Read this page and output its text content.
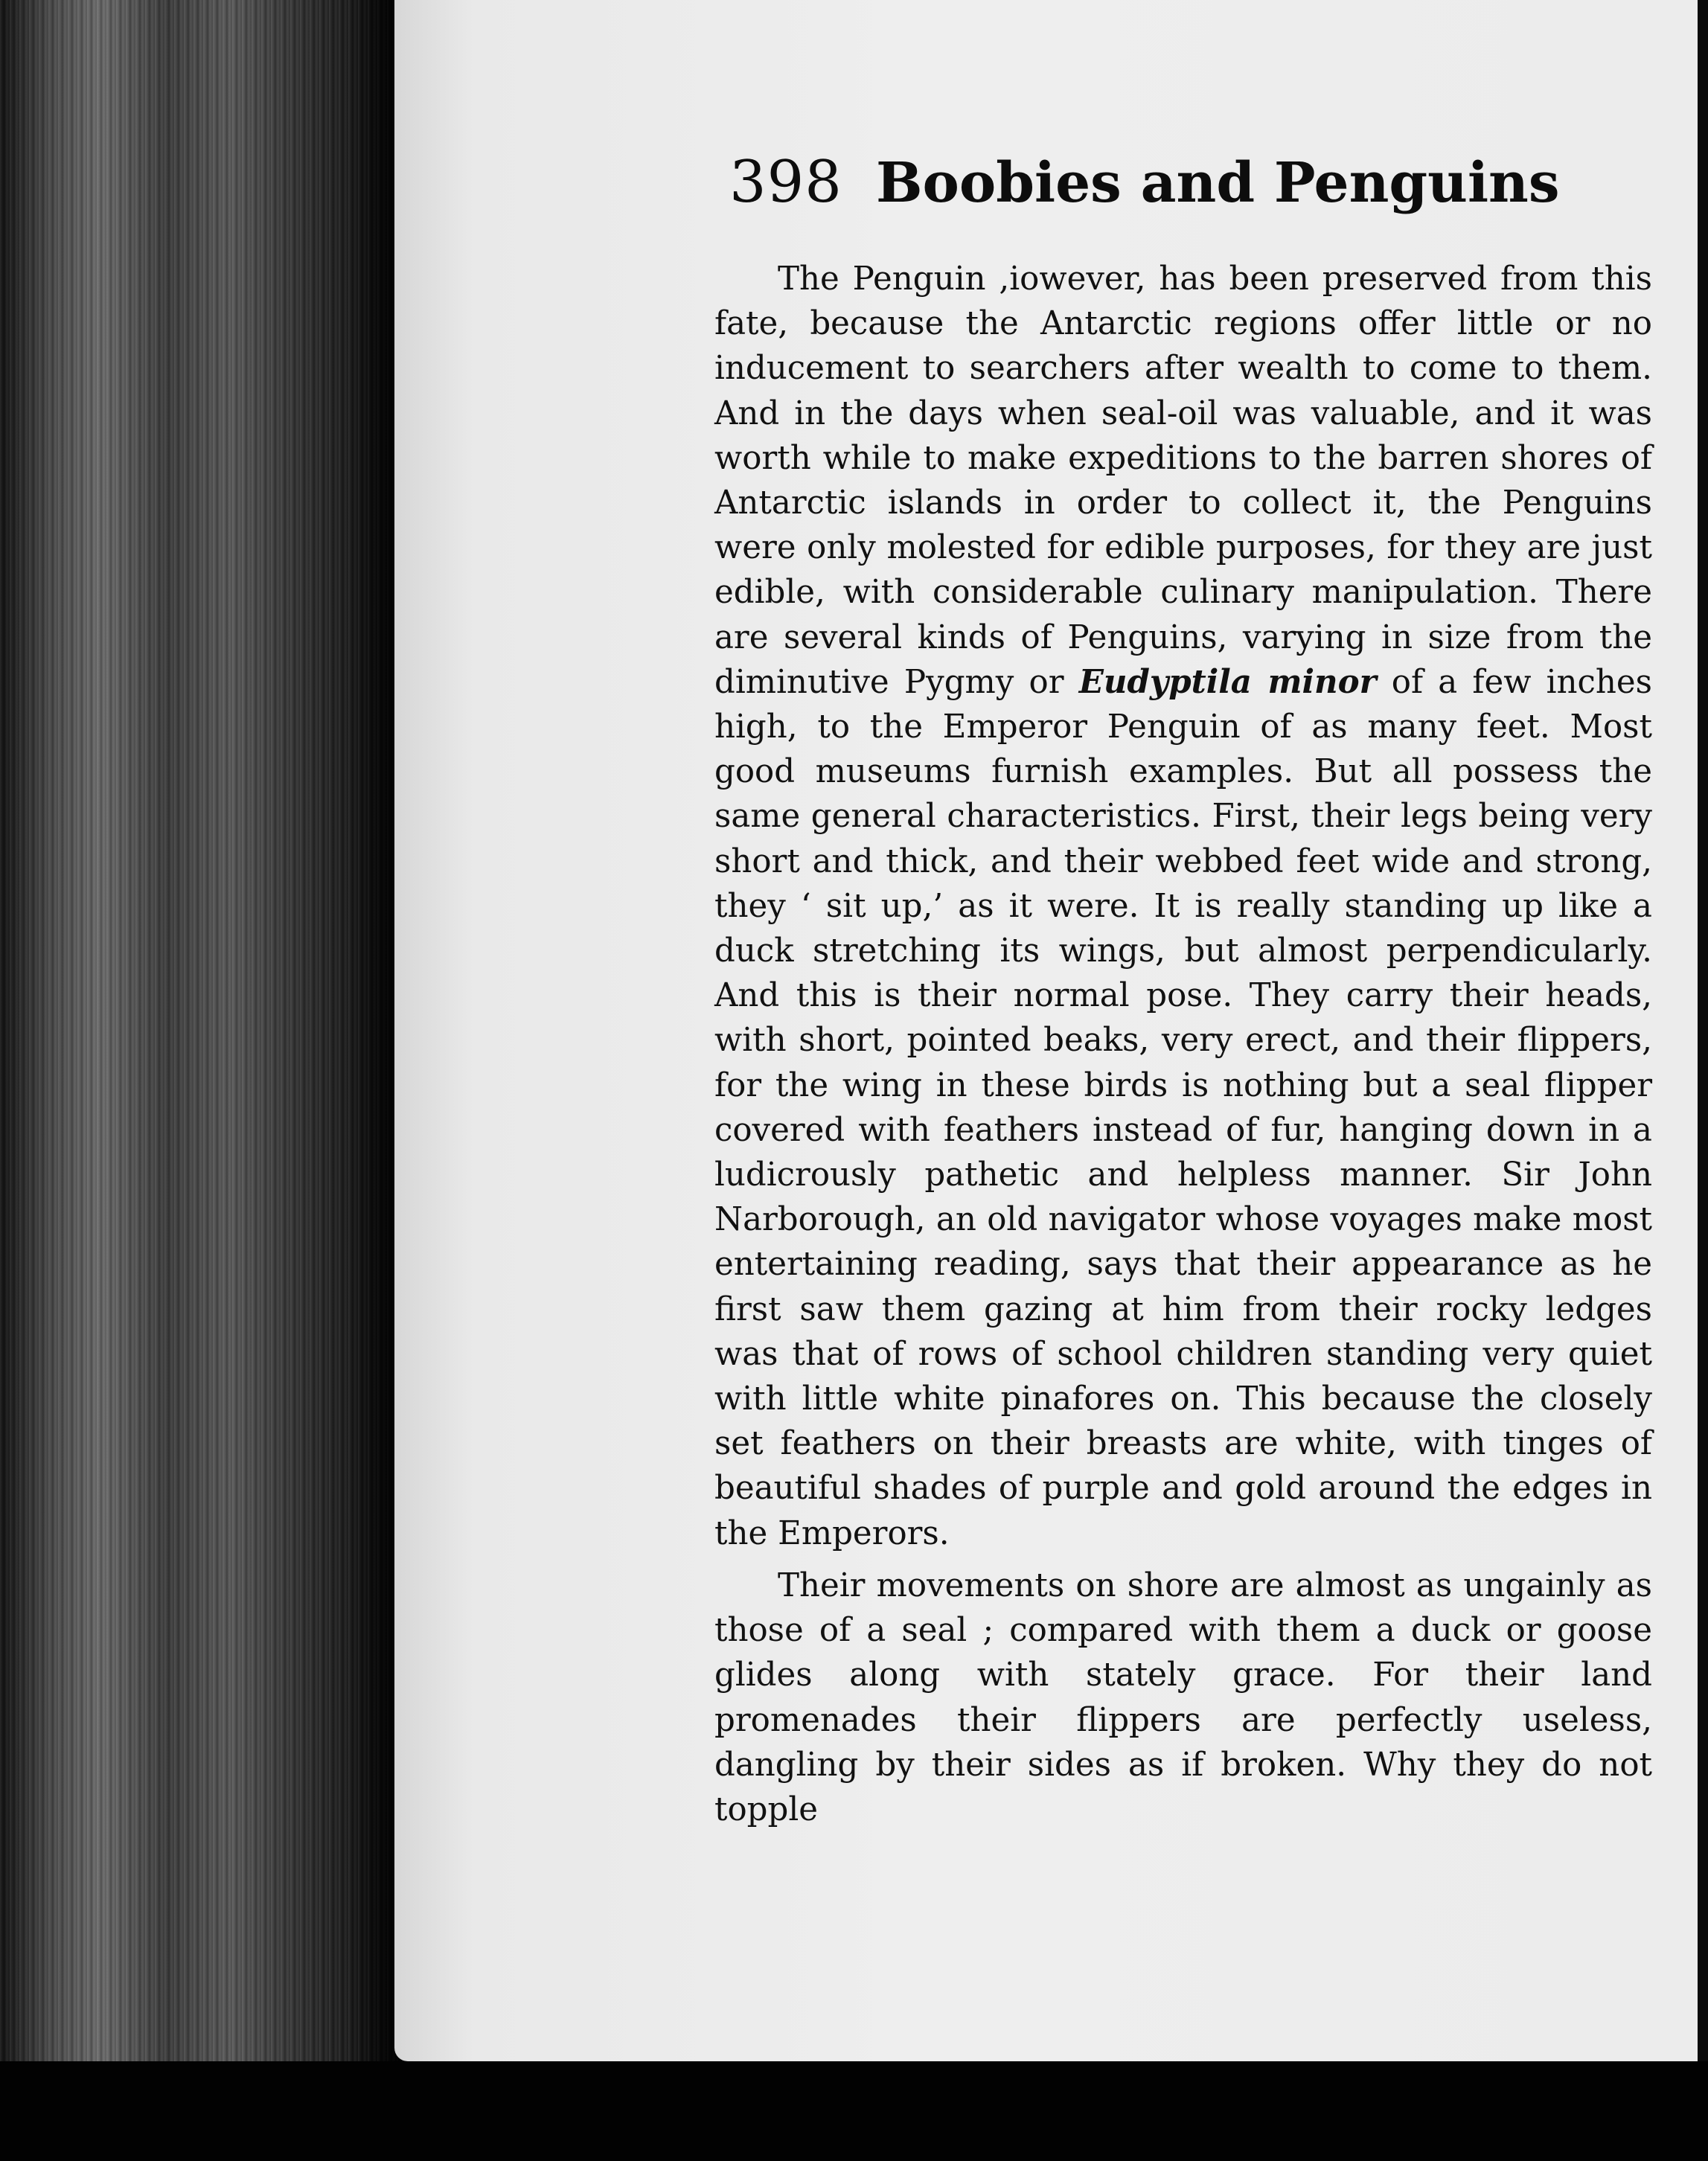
398 Boobies and Penguins

The Penguin ,iowever, has been preserved from this fate, because the Antarctic regions offer little or no inducement to searchers after wealth to come to them. And in the days when seal-oil was valuable, and it was worth while to make expeditions to the barren shores of Antarctic islands in order to collect it, the Penguins were only molested for edible purposes, for they are just edible, with considerable culinary manipulation. There are several kinds of Penguins, varying in size from the diminutive Pygmy or Eudyptila minor of a few inches high, to the Emperor Penguin of as many feet. Most good museums furnish examples. But all possess the same general characteristics. First, their legs being very short and thick, and their webbed feet wide and strong, they ‘ sit up,’ as it were. It is really standing up like a duck stretching its wings, but almost perpendicularly. And this is their normal pose. They carry their heads, with short, pointed beaks, very erect, and their flippers, for the wing in these birds is nothing but a seal flipper covered with feathers instead of fur, hanging down in a ludicrously pathetic and helpless manner. Sir John Narborough, an old navigator whose voyages make most entertaining reading, says that their appearance as he first saw them gazing at him from their rocky ledges was that of rows of school children standing very quiet with little white pinafores on. This because the closely set feathers on their breasts are white, with tinges of beautiful shades of purple and gold around the edges in the Emperors.

Their movements on shore are almost as ungainly as those of a seal ; compared with them a duck or goose glides along with stately grace. For their land promenades their flippers are perfectly useless, dangling by their sides as if broken. Why they do not topple
